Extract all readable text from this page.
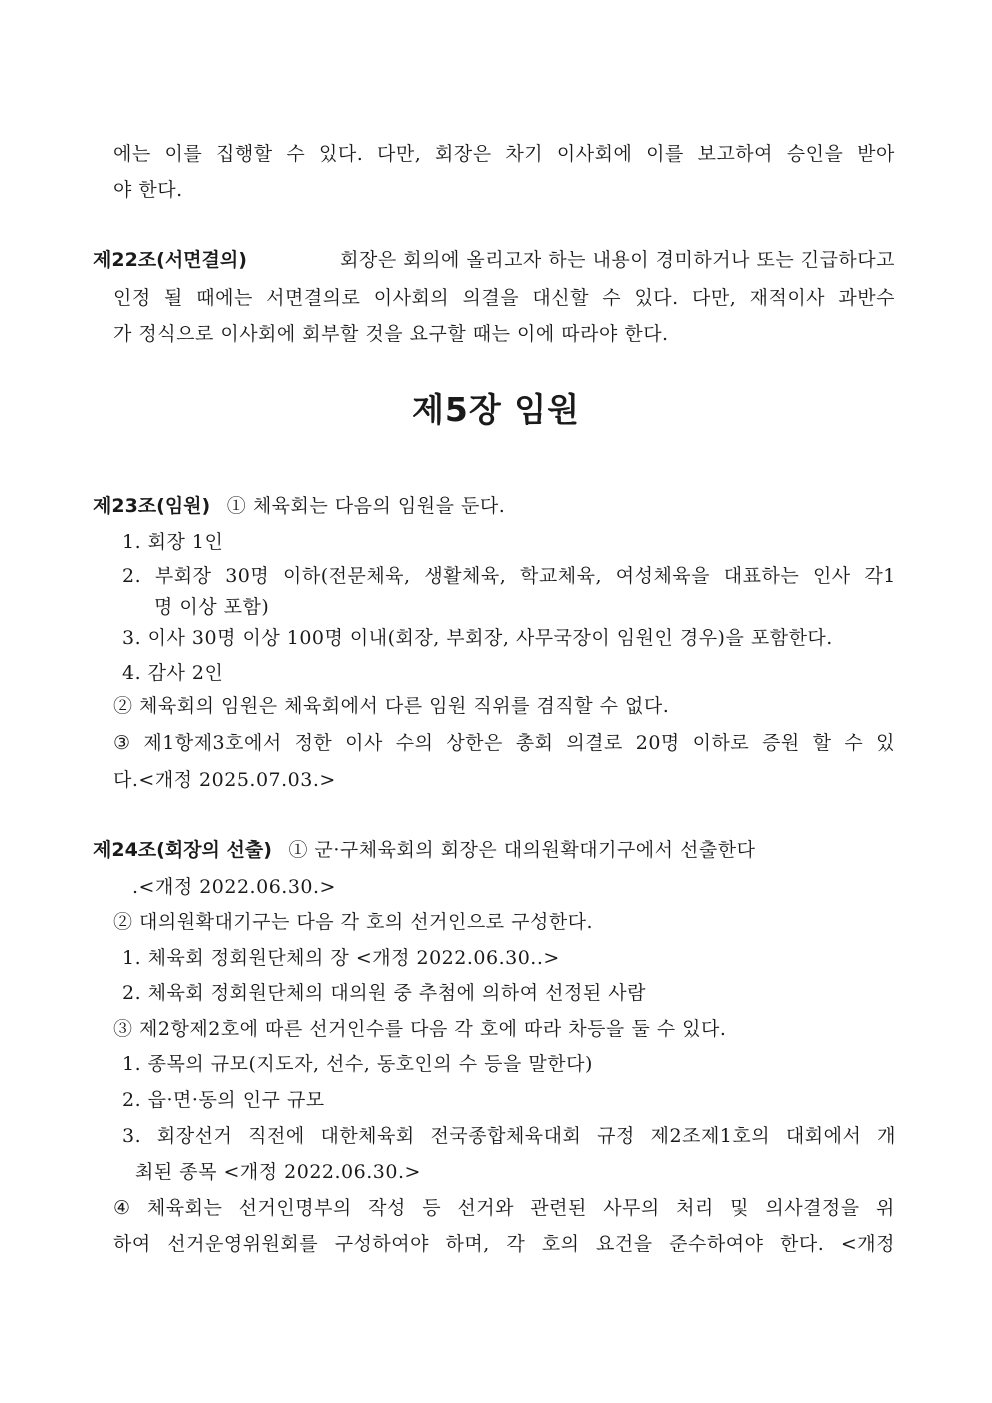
에는 이를 집행할 수 있다. 다만, 회장은 차기 이사회에 이를 보고하여 승인을 받아
야 한다.
제22조(서면결의)	회장은 회의에 올리고자 하는 내용이 경미하거나 또는 긴급하다고
인정 될 때에는 서면결의로 이사회의 의결을 대신할 수 있다. 다만, 재적이사 과반수
가 정식으로 이사회에 회부할 것을 요구할 때는 이에 따라야 한다.
제5장 임원
제23조(임원) ① 체육회는 다음의 임원을 둔다.
1. 회장 1인
2. 부회장 30명 이하(전문체육, 생활체육, 학교체육, 여성체육을 대표하는 인사 각1
명 이상 포함)
3. 이사 30명 이상 100명 이내(회장, 부회장, 사무국장이 임원인 경우)을 포함한다.
4. 감사 2인
② 체육회의 임원은 체육회에서 다른 임원 직위를 겸직할 수 없다.
③ 제1항제3호에서 정한 이사 수의 상한은 총회 의결로 20명 이하로 증원 할 수 있
다.<개정 2025.07.03.>
제24조(회장의 선출) ① 군·구체육회의 회장은 대의원확대기구에서 선출한다
.<개정 2022.06.30.>
② 대의원확대기구는 다음 각 호의 선거인으로 구성한다.
1. 체육회 정회원단체의 장 <개정 2022.06.30..>
2. 체육회 정회원단체의 대의원 중 추첨에 의하여 선정된 사람
③ 제2항제2호에 따른 선거인수를 다음 각 호에 따라 차등을 둘 수 있다.
1. 종목의 규모(지도자, 선수, 동호인의 수 등을 말한다)
2. 읍·면·동의 인구 규모
3. 회장선거 직전에 대한체육회 전국종합체육대회 규정 제2조제1호의 대회에서 개
최된 종목 <개정 2022.06.30.>
④ 체육회는 선거인명부의 작성 등 선거와 관련된 사무의 처리 및 의사결정을 위
하여 선거운영위원회를 구성하여야 하며, 각 호의 요건을 준수하여야 한다. <개정
